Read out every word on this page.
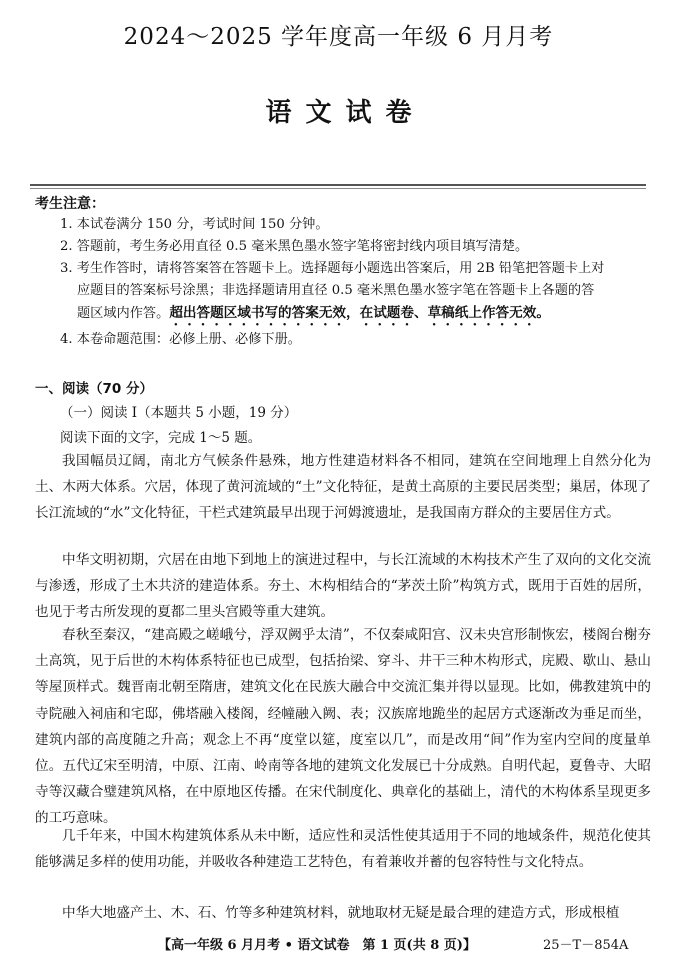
2024～2025 学年度高一年级 6 月月考
语文试卷
考生注意：
1. 本试卷满分 150 分，考试时间 150 分钟。
2. 答题前，考生务必用直径 0.5 毫米黑色墨水签字笔将密封线内项目填写清楚。
3. 考生作答时，请将答案答在答题卡上。选择题每小题选出答案后，用 2B 铅笔把答题卡上对
应题目的答案标号涂黑；非选择题请用直径 0.5 毫米黑色墨水签字笔在答题卡上各题的答
题区域内作答。超出答题区域书写的答案无效，在试题卷、草稿纸上作答无效。
4. 本卷命题范围：必修上册、必修下册。
一、阅读（70 分）
（一）阅读 Ⅰ（本题共 5 小题，19 分）
阅读下面的文字，完成 1～5 题。
我国幅员辽阔，南北方气候条件悬殊，地方性建造材料各不相同，建筑在空间地理上自然分化为土、木两大体系。穴居，体现了黄河流域的“土”文化特征，是黄土高原的主要民居类型；巢居，体现了长江流域的“水”文化特征，干栏式建筑最早出现于河姆渡遗址，是我国南方群众的主要居住方式。
中华文明初期，穴居在由地下到地上的演进过程中，与长江流域的木构技术产生了双向的文化交流与渗透，形成了土木共济的建造体系。夯土、木构相结合的“茅茨土阶”构筑方式，既用于百姓的居所，也见于考古所发现的夏都二里头宫殿等重大建筑。
春秋至秦汉，“建高殿之嵯峨兮，浮双阙乎太清”，不仅秦咸阳宫、汉未央宫形制恢宏，楼阁台榭夯土高筑，见于后世的木构体系特征也已成型，包括抬梁、穿斗、井干三种木构形式，庑殿、歇山、悬山等屋顶样式。魏晋南北朝至隋唐，建筑文化在民族大融合中交流汇集并得以显现。比如，佛教建筑中的寺院融入祠庙和宅邸，佛塔融入楼阁，经幢融入阙、表；汉族席地跪坐的起居方式逐渐改为垂足而坐，建筑内部的高度随之升高；观念上不再“度堂以筵，度室以几”，而是改用“间”作为室内空间的度量单位。五代辽宋至明清，中原、江南、岭南等各地的建筑文化发展已十分成熟。自明代起，夏鲁寺、大昭寺等汉藏合璧建筑风格，在中原地区传播。在宋代制度化、典章化的基础上，清代的木构体系呈现更多的工巧意味。
几千年来，中国木构建筑体系从未中断，适应性和灵活性使其适用于不同的地域条件，规范化使其能够满足多样的使用功能，并吸收各种建造工艺特色，有着兼收并蓄的包容特性与文化特点。
中华大地盛产土、木、石、竹等多种建筑材料，就地取材无疑是最合理的建造方式，形成根植
【高一年级 6 月月考 • 语文试卷　第 1 页(共 8 页)】	25－T－854A
